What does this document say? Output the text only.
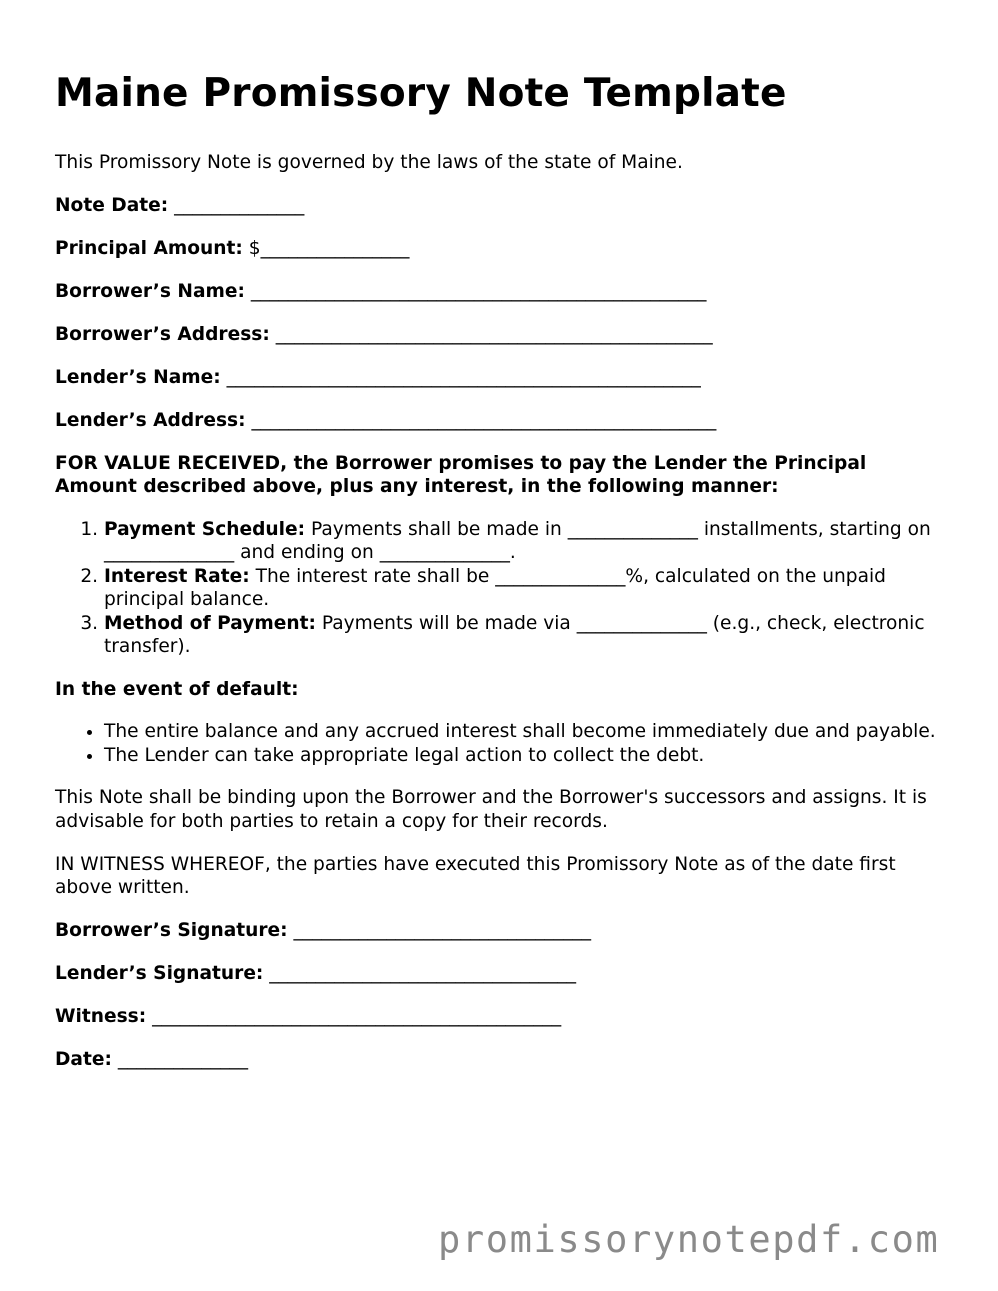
Maine Promissory Note Template

This Promissory Note is governed by the laws of the state of Maine.

Note Date: ______________

Principal Amount: $________________

Borrower’s Name: _________________________________________________

Borrower’s Address: _______________________________________________

Lender’s Name: ___________________________________________________

Lender’s Address: __________________________________________________

FOR VALUE RECEIVED, the Borrower promises to pay the Lender the Principal Amount described above, plus any interest, in the following manner:

1. Payment Schedule: Payments shall be made in ______________ installments, starting on ______________ and ending on ______________.
2. Interest Rate: The interest rate shall be ______________%, calculated on the unpaid principal balance.
3. Method of Payment: Payments will be made via ______________ (e.g., check, electronic transfer).

In the event of default:

• The entire balance and any accrued interest shall become immediately due and payable.
• The Lender can take appropriate legal action to collect the debt.

This Note shall be binding upon the Borrower and the Borrower's successors and assigns. It is advisable for both parties to retain a copy for their records.

IN WITNESS WHEREOF, the parties have executed this Promissory Note as of the date first above written.

Borrower’s Signature: ________________________________

Lender’s Signature: _________________________________

Witness: ____________________________________________

Date: ______________

promissorynotepdf.com
